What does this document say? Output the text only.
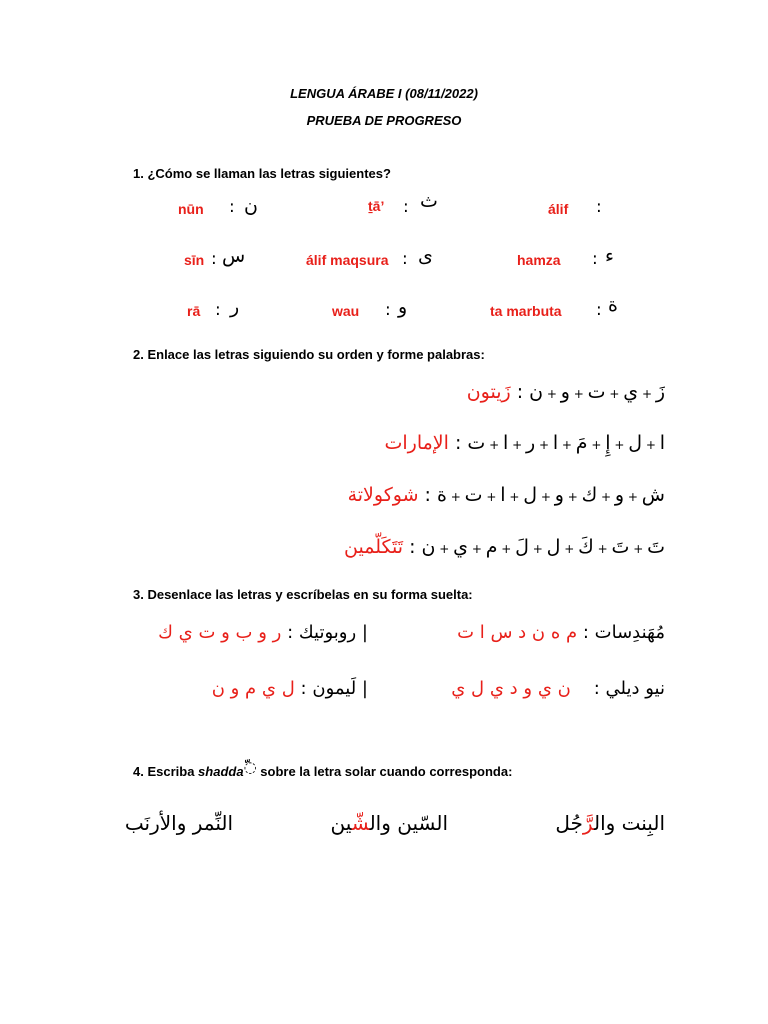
LENGUA ÁRABE I (08/11/2022)
PRUEBA DE PROGRESO
1. ¿Cómo se llaman las letras siguientes?
nūn : ن	ṯā’ : ث	álif :
sīn : س	álif maqsura : ى	hamza : ء
rā : ر	wau : و	ta marbuta : ة
2. Enlace las letras siguiendo su orden y forme palabras:
زَ + ي + ت + و + ن : زَيتون
ا + ل + إِ + مَ + ا + ر + ا + ت : الإمارات
ش + و + ك + و + ل + ا + ت + ة : شوكولاتة
تَ + تَ + كَ + ل + لَ + م + ي + ن : تَتَكَلّمين
3. Desenlace las letras y escríbelas en su forma suelta:
مُهَندِسات : م ه ن د س ا ت
| روبوتيك : ر و ب و ت ي ك
نيو ديلي :    ن ي و د ي ل ي
| لَيمون : ل ي م و ن
4. Escriba shaddaّ◌ sobre la letra solar cuando corresponda:
البِنت والرَّجُل
السّين والشّين
النِّمر والأرنَب
